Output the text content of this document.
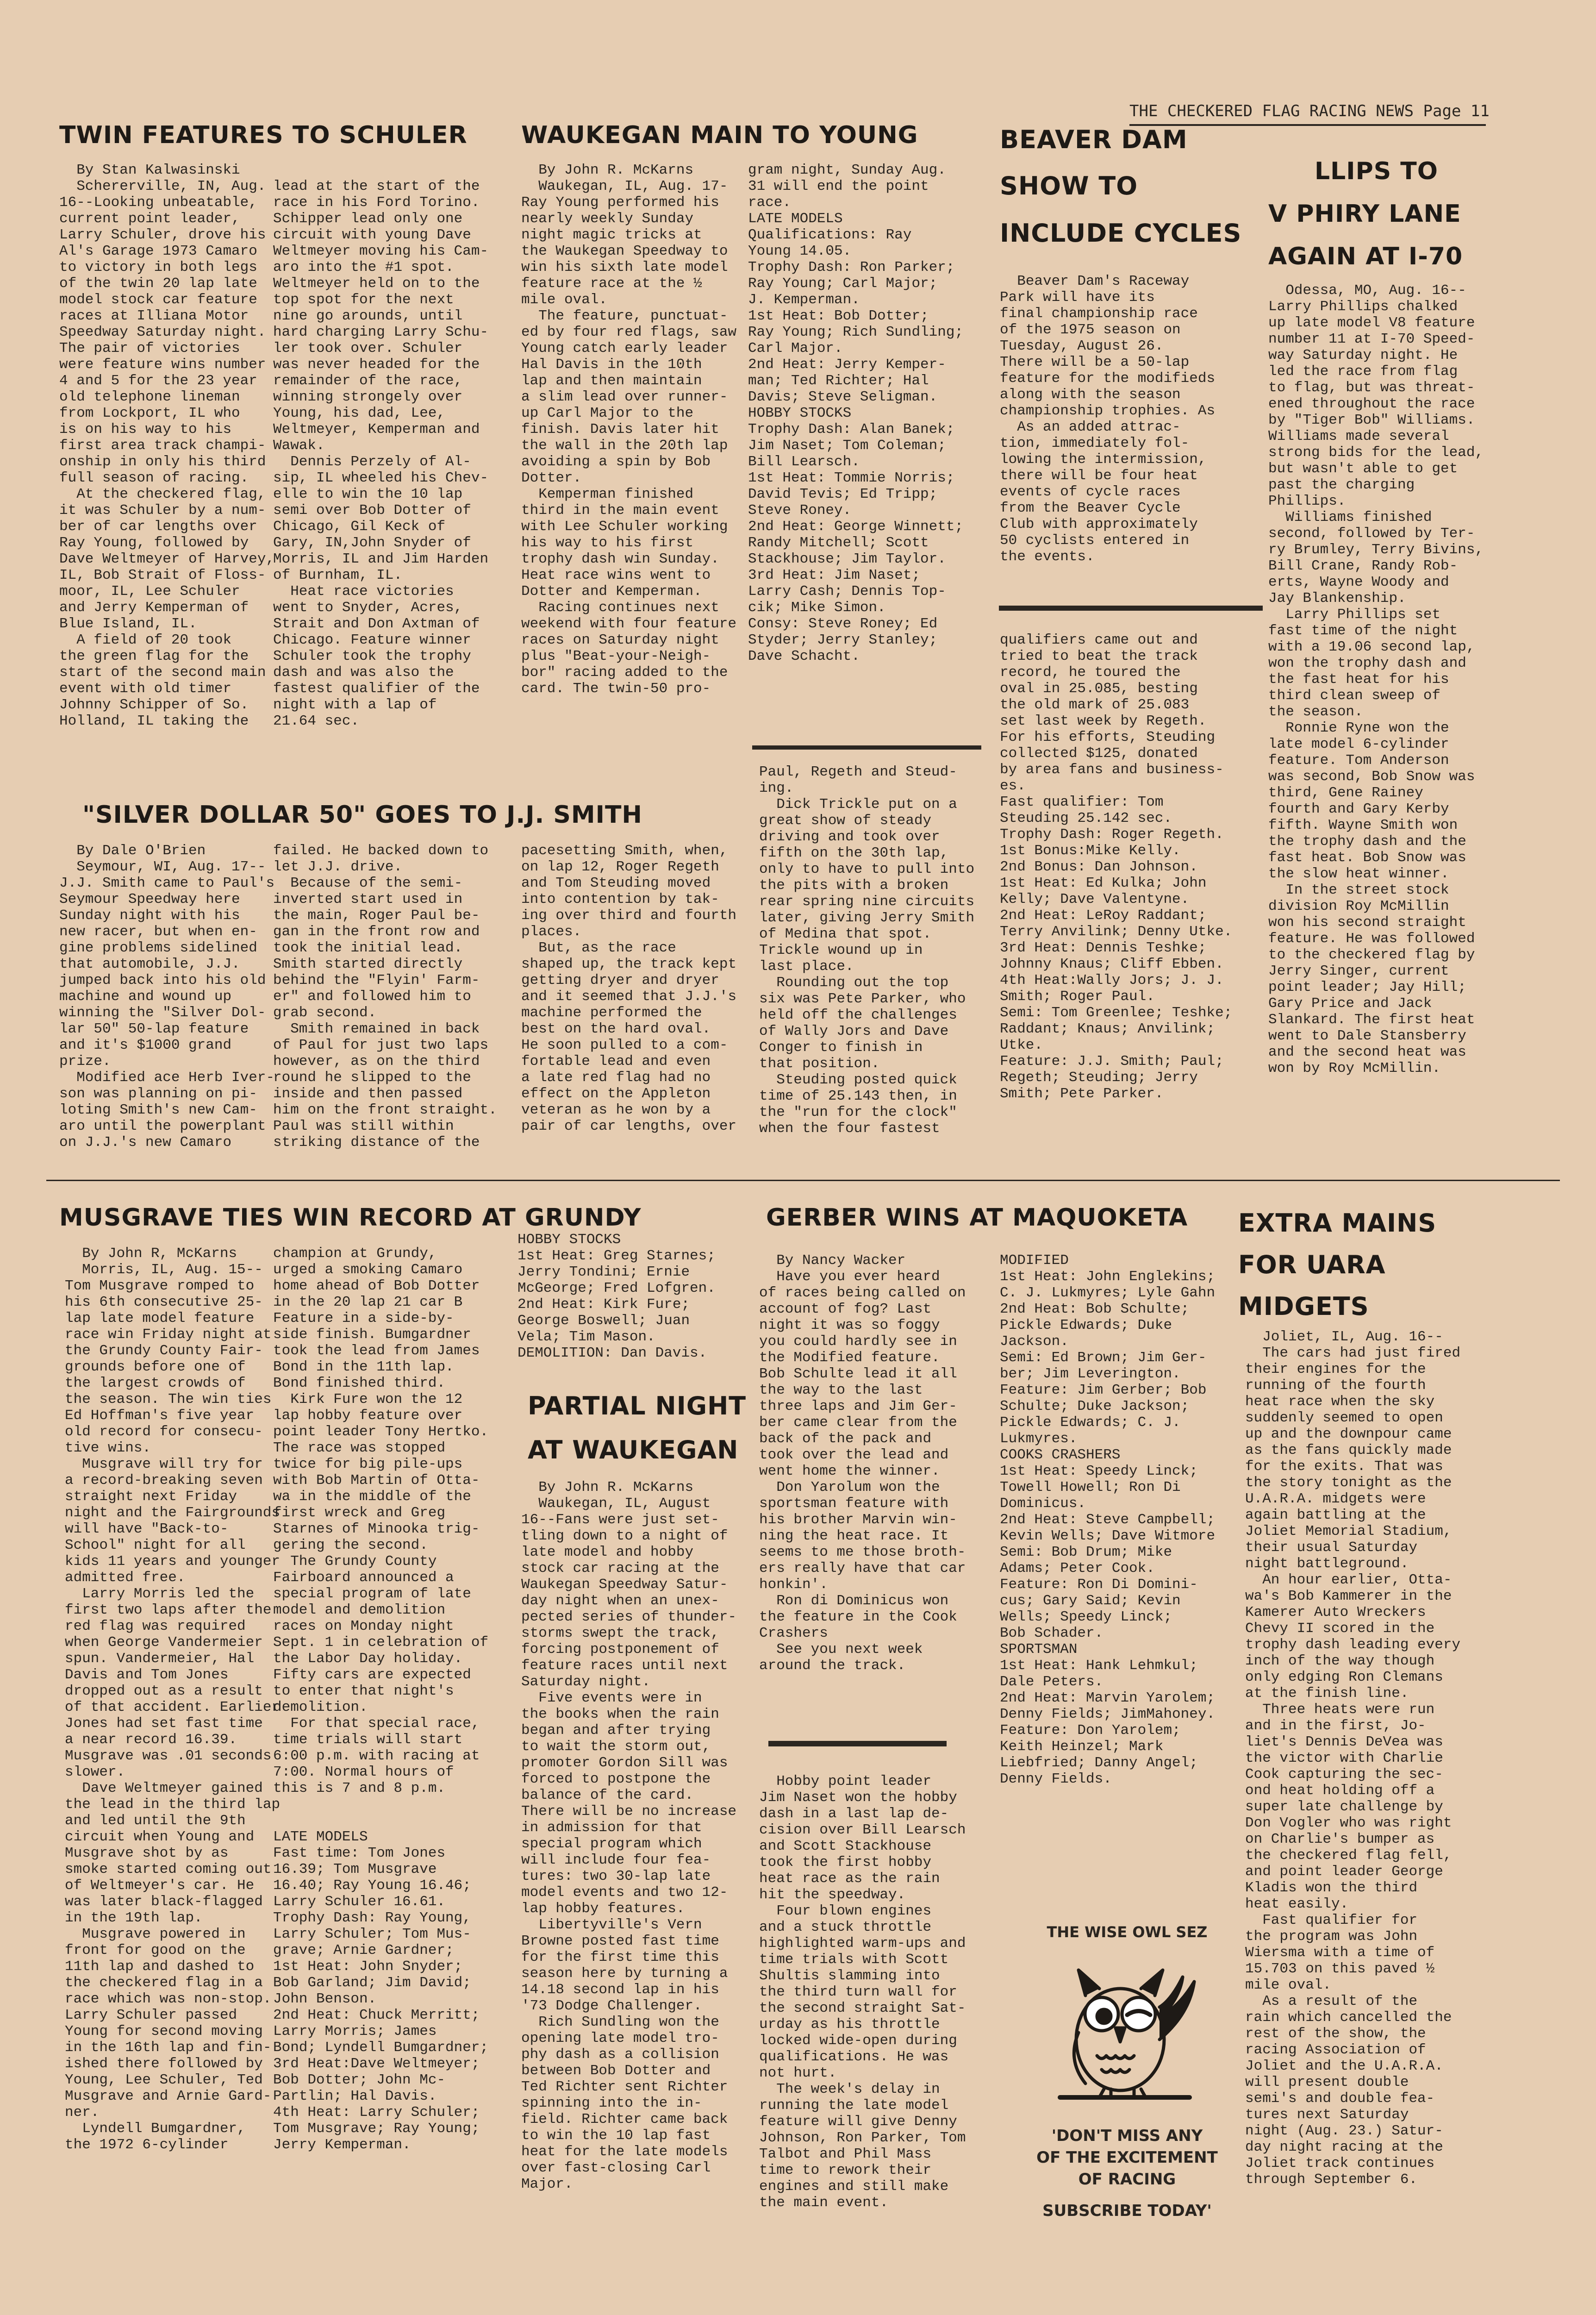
THE CHECKERED FLAG RACING NEWS Page 11
TWIN FEATURES TO SCHULER
By Stan Kalwasinski
Schererville, IN, Aug.
16--Looking unbeatable,
current point leader,
Larry Schuler, drove his
Al's Garage 1973 Camaro
to victory in both legs
of the twin 20 lap late
model stock car feature
races at Illiana Motor
Speedway Saturday night.
The pair of victories
were feature wins number
4 and 5 for the 23 year
old telephone lineman
from Lockport, IL who
is on his way to his
first area track champi-
onship in only his third
full season of racing.
At the checkered flag,
it was Schuler by a num-
ber of car lengths over
Ray Young, followed by
Dave Weltmeyer of Harvey,
IL, Bob Strait of Floss-
moor, IL, Lee Schuler
and Jerry Kemperman of
Blue Island, IL.
A field of 20 took
the green flag for the
start of the second main
event with old timer
Johnny Schipper of So.
Holland, IL taking the
lead at the start of the
race in his Ford Torino.
Schipper lead only one
circuit with young Dave
Weltmeyer moving his Cam-
aro into the #1 spot.
Weltmeyer held on to the
top spot for the next
nine go arounds, until
hard charging Larry Schu-
ler took over. Schuler
was never headed for the
remainder of the race,
winning strongely over
Young, his dad, Lee,
Weltmeyer, Kemperman and
Wawak.
Dennis Perzely of Al-
sip, IL wheeled his Chev-
elle to win the 10 lap
semi over Bob Dotter of
Chicago, Gil Keck of
Gary, IN,John Snyder of
Morris, IL and Jim Harden
of Burnham, IL.
Heat race victories
went to Snyder, Acres,
Strait and Don Axtman of
Chicago. Feature winner
Schuler took the trophy
dash and was also the
fastest qualifier of the
night with a lap of
21.64 sec.
WAUKEGAN MAIN TO YOUNG
By John R. McKarns
Waukegan, IL, Aug. 17-
Ray Young performed his
nearly weekly Sunday
night magic tricks at
the Waukegan Speedway to
win his sixth late model
feature race at the ½
mile oval.
The feature, punctuat-
ed by four red flags, saw
Young catch early leader
Hal Davis in the 10th
lap and then maintain
a slim lead over runner-
up Carl Major to the
finish. Davis later hit
the wall in the 20th lap
avoiding a spin by Bob
Dotter.
Kemperman finished
third in the main event
with Lee Schuler working
his way to his first
trophy dash win Sunday.
Heat race wins went to
Dotter and Kemperman.
Racing continues next
weekend with four feature
races on Saturday night
plus "Beat-your-Neigh-
bor" racing added to the
card. The twin-50 pro-
gram night, Sunday Aug.
31 will end the point
race.
LATE MODELS
Qualifications: Ray
Young 14.05.
Trophy Dash: Ron Parker;
Ray Young; Carl Major;
J. Kemperman.
1st Heat: Bob Dotter;
Ray Young; Rich Sundling;
Carl Major.
2nd Heat: Jerry Kemper-
man; Ted Richter; Hal
Davis; Steve Seligman.
HOBBY STOCKS
Trophy Dash: Alan Banek;
Jim Naset; Tom Coleman;
Bill Learsch.
1st Heat: Tommie Norris;
David Tevis; Ed Tripp;
Steve Roney.
2nd Heat: George Winnett;
Randy Mitchell; Scott
Stackhouse; Jim Taylor.
3rd Heat: Jim Naset;
Larry Cash; Dennis Top-
cik; Mike Simon.
Consy: Steve Roney; Ed
Styder; Jerry Stanley;
Dave Schacht.
BEAVER DAM
SHOW TO
INCLUDE CYCLES
Beaver Dam's Raceway
Park will have its
final championship race
of the 1975 season on
Tuesday, August 26.
There will be a 50-lap
feature for the modifieds
along with the season
championship trophies. As
As an added attrac-
tion, immediately fol-
lowing the intermission,
there will be four heat
events of cycle races
from the Beaver Cycle
Club with approximately
50 cyclists entered in
the events.
LLIPS TO
V PHIRY LANE
AGAIN AT I-70
Odessa, MO, Aug. 16--
Larry Phillips chalked
up late model V8 feature
number 11 at I-70 Speed-
way Saturday night. He
led the race from flag
to flag, but was threat-
ened throughout the race
by "Tiger Bob" Williams.
Williams made several
strong bids for the lead,
but wasn't able to get
past the charging
Phillips.
Williams finished
second, followed by Ter-
ry Brumley, Terry Bivins,
Bill Crane, Randy Rob-
erts, Wayne Woody and
Jay Blankenship.
Larry Phillips set
fast time of the night
with a 19.06 second lap,
won the trophy dash and
the fast heat for his
third clean sweep of
the season.
Ronnie Ryne won the
late model 6-cylinder
feature. Tom Anderson
was second, Bob Snow was
third, Gene Rainey
fourth and Gary Kerby
fifth. Wayne Smith won
the trophy dash and the
fast heat. Bob Snow was
the slow heat winner.
In the street stock
division Roy McMillin
won his second straight
feature. He was followed
to the checkered flag by
Jerry Singer, current
point leader; Jay Hill;
Gary Price and Jack
Slankard. The first heat
went to Dale Stansberry
and the second heat was
won by Roy McMillin.
"SILVER DOLLAR 50" GOES TO J.J. SMITH
By Dale O'Brien
Seymour, WI, Aug. 17--
J.J. Smith came to Paul's
Seymour Speedway here
Sunday night with his
new racer, but when en-
gine problems sidelined
that automobile, J.J.
jumped back into his old
machine and wound up
winning the "Silver Dol-
lar 50" 50-lap feature
and it's $1000 grand
prize.
Modified ace Herb Iver-
son was planning on pi-
loting Smith's new Cam-
aro until the powerplant
on J.J.'s new Camaro
failed. He backed down to
let J.J. drive.
Because of the semi-
inverted start used in
the main, Roger Paul be-
gan in the front row and
took the initial lead.
Smith started directly
behind the "Flyin' Farm-
er" and followed him to
grab second.
Smith remained in back
of Paul for just two laps
however, as on the third
round he slipped to the
inside and then passed
him on the front straight.
Paul was still within
striking distance of the
pacesetting Smith, when,
on lap 12, Roger Regeth
and Tom Steuding moved
into contention by tak-
ing over third and fourth
places.
But, as the race
shaped up, the track kept
getting dryer and dryer
and it seemed that J.J.'s
machine performed the
best on the hard oval.
He soon pulled to a com-
fortable lead and even
a late red flag had no
effect on the Appleton
veteran as he won by a
pair of car lengths, over
Paul, Regeth and Steud-
ing.
Dick Trickle put on a
great show of steady
driving and took over
fifth on the 30th lap,
only to have to pull into
the pits with a broken
rear spring nine circuits
later, giving Jerry Smith
of Medina that spot.
Trickle wound up in
last place.
Rounding out the top
six was Pete Parker, who
held off the challenges
of Wally Jors and Dave
Conger to finish in
that position.
Steuding posted quick
time of 25.143 then, in
the "run for the clock"
when the four fastest
qualifiers came out and
tried to beat the track
record, he toured the
oval in 25.085, besting
the old mark of 25.083
set last week by Regeth.
For his efforts, Steuding
collected $125, donated
by area fans and business-
es.
Fast qualifier: Tom
Steuding 25.142 sec.
Trophy Dash: Roger Regeth.
1st Bonus:Mike Kelly.
2nd Bonus: Dan Johnson.
1st Heat: Ed Kulka; John
Kelly; Dave Valentyne.
2nd Heat: LeRoy Raddant;
Terry Anvilink; Denny Utke.
3rd Heat: Dennis Teshke;
Johnny Knaus; Cliff Ebben.
4th Heat:Wally Jors; J. J.
Smith; Roger Paul.
Semi: Tom Greenlee; Teshke;
Raddant; Knaus; Anvilink;
Utke.
Feature: J.J. Smith; Paul;
Regeth; Steuding; Jerry
Smith; Pete Parker.
MUSGRAVE TIES WIN RECORD AT GRUNDY
By John R, McKarns
Morris, IL, Aug. 15--
Tom Musgrave romped to
his 6th consecutive 25-
lap late model feature
race win Friday night at
the Grundy County Fair-
grounds before one of
the largest crowds of
the season. The win ties
Ed Hoffman's five year
old record for consecu-
tive wins.
Musgrave will try for
a record-breaking seven
straight next Friday
night and the Fairgrounds
will have "Back-to-
School" night for all
kids 11 years and younger
admitted free.
Larry Morris led the
first two laps after the
red flag was required
when George Vandermeier
spun. Vandermeier, Hal
Davis and Tom Jones
dropped out as a result
of that accident. Earlier
Jones had set fast time
a near record 16.39.
Musgrave was .01 seconds
slower.
Dave Weltmeyer gained
the lead in the third lap
and led until the 9th
circuit when Young and
Musgrave shot by as
smoke started coming out
of Weltmeyer's car. He
was later black-flagged
in the 19th lap.
Musgrave powered in
front for good on the
11th lap and dashed to
the checkered flag in a
race which was non-stop.
Larry Schuler passed
Young for second moving
in the 16th lap and fin-
ished there followed by
Young, Lee Schuler, Ted
Musgrave and Arnie Gard-
ner.
Lyndell Bumgardner,
the 1972 6-cylinder
champion at Grundy,
urged a smoking Camaro
home ahead of Bob Dotter
in the 20 lap 21 car B
Feature in a side-by-
side finish. Bumgardner
took the lead from James
Bond in the 11th lap.
Bond finished third.
Kirk Fure won the 12
lap hobby feature over
point leader Tony Hertko.
The race was stopped
twice for big pile-ups
with Bob Martin of Otta-
wa in the middle of the
first wreck and Greg
Starnes of Minooka trig-
gering the second.
The Grundy County
Fairboard announced a
special program of late
model and demolition
races on Monday night
Sept. 1 in celebration of
the Labor Day holiday.
Fifty cars are expected
to enter that night's
demolition.
For that special race,
time trials will start
6:00 p.m. with racing at
7:00. Normal hours of
this is 7 and 8 p.m.

LATE MODELS
Fast time: Tom Jones
16.39; Tom Musgrave
16.40; Ray Young 16.46;
Larry Schuler 16.61.
Trophy Dash: Ray Young,
Larry Schuler; Tom Mus-
grave; Arnie Gardner;
1st Heat: John Snyder;
Bob Garland; Jim David;
John Benson.
2nd Heat: Chuck Merritt;
Larry Morris; James
Bond; Lyndell Bumgardner;
3rd Heat:Dave Weltmeyer;
Bob Dotter; John Mc-
Partlin; Hal Davis.
4th Heat: Larry Schuler;
Tom Musgrave; Ray Young;
Jerry Kemperman.
HOBBY STOCKS
1st Heat: Greg Starnes;
Jerry Tondini; Ernie
McGeorge; Fred Lofgren.
2nd Heat: Kirk Fure;
George Boswell; Juan
Vela; Tim Mason.
DEMOLITION: Dan Davis.
PARTIAL NIGHT
AT WAUKEGAN
By John R. McKarns
Waukegan, IL, August
16--Fans were just set-
tling down to a night of
late model and hobby
stock car racing at the
Waukegan Speedway Satur-
day night when an unex-
pected series of thunder-
storms swept the track,
forcing postponement of
feature races until next
Saturday night.
Five events were in
the books when the rain
began and after trying
to wait the storm out,
promoter Gordon Sill was
forced to postpone the
balance of the card.
There will be no increase
in admission for that
special program which
will include four fea-
tures: two 30-lap late
model events and two 12-
lap hobby features.
Libertyville's Vern
Browne posted fast time
for the first time this
season here by turning a
14.18 second lap in his
'73 Dodge Challenger.
Rich Sundling won the
opening late model tro-
phy dash as a collision
between Bob Dotter and
Ted Richter sent Richter
spinning into the in-
field. Richter came back
to win the 10 lap fast
heat for the late models
over fast-closing Carl
Major.
GERBER WINS AT MAQUOKETA
By Nancy Wacker
Have you ever heard
of races being called on
account of fog? Last
night it was so foggy
you could hardly see in
the Modified feature.
Bob Schulte lead it all
the way to the last
three laps and Jim Ger-
ber came clear from the
back of the pack and
took over the lead and
went home the winner.
Don Yarolum won the
sportsman feature with
his brother Marvin win-
ning the heat race. It
seems to me those broth-
ers really have that car
honkin'.
Ron di Dominicus won
the feature in the Cook
Crashers
See you next week
around the track.
Hobby point leader
Jim Naset won the hobby
dash in a last lap de-
cision over Bill Learsch
and Scott Stackhouse
took the first hobby
heat race as the rain
hit the speedway.
Four blown engines
and a stuck throttle
highlighted warm-ups and
time trials with Scott
Shultis slamming into
the third turn wall for
the second straight Sat-
urday as his throttle
locked wide-open during
qualifications. He was
not hurt.
The week's delay in
running the late model
feature will give Denny
Johnson, Ron Parker, Tom
Talbot and Phil Mass
time to rework their
engines and still make
the main event.
MODIFIED
1st Heat: John Englekins;
C. J. Lukmyres; Lyle Gahn
2nd Heat: Bob Schulte;
Pickle Edwards; Duke
Jackson.
Semi: Ed Brown; Jim Ger-
ber; Jim Leverington.
Feature: Jim Gerber; Bob
Schulte; Duke Jackson;
Pickle Edwards; C. J.
Lukmyres.
COOKS CRASHERS
1st Heat: Speedy Linck;
Towell Howell; Ron Di
Dominicus.
2nd Heat: Steve Campbell;
Kevin Wells; Dave Witmore
Semi: Bob Drum; Mike
Adams; Peter Cook.
Feature: Ron Di Domini-
cus; Gary Said; Kevin
Wells; Speedy Linck;
Bob Schader.
SPORTSMAN
1st Heat: Hank Lehmkul;
Dale Peters.
2nd Heat: Marvin Yarolem;
Denny Fields; JimMahoney.
Feature: Don Yarolem;
Keith Heinzel; Mark
Liebfried; Danny Angel;
Denny Fields.
THE WISE OWL SEZ
'DON'T MISS ANY
OF THE EXCITEMENT
OF RACING
SUBSCRIBE TODAY'
EXTRA MAINS
FOR UARA
MIDGETS
Joliet, IL, Aug. 16--
The cars had just fired
their engines for the
running of the fourth
heat race when the sky
suddenly seemed to open
up and the downpour came
as the fans quickly made
for the exits. That was
the story tonight as the
U.A.R.A. midgets were
again battling at the
Joliet Memorial Stadium,
their usual Saturday
night battleground.
An hour earlier, Otta-
wa's Bob Kammerer in the
Kamerer Auto Wreckers
Chevy II scored in the
trophy dash leading every
inch of the way though
only edging Ron Clemans
at the finish line.
Three heats were run
and in the first, Jo-
liet's Dennis DeVea was
the victor with Charlie
Cook capturing the sec-
ond heat holding off a
super late challenge by
Don Vogler who was right
on Charlie's bumper as
the checkered flag fell,
and point leader George
Kladis won the third
heat easily.
Fast qualifier for
the program was John
Wiersma with a time of
15.703 on this paved ½
mile oval.
As a result of the
rain which cancelled the
rest of the show, the
racing Association of
Joliet and the U.A.R.A.
will present double
semi's and double fea-
tures next Saturday
night (Aug. 23.) Satur-
day night racing at the
Joliet track continues
through September 6.
